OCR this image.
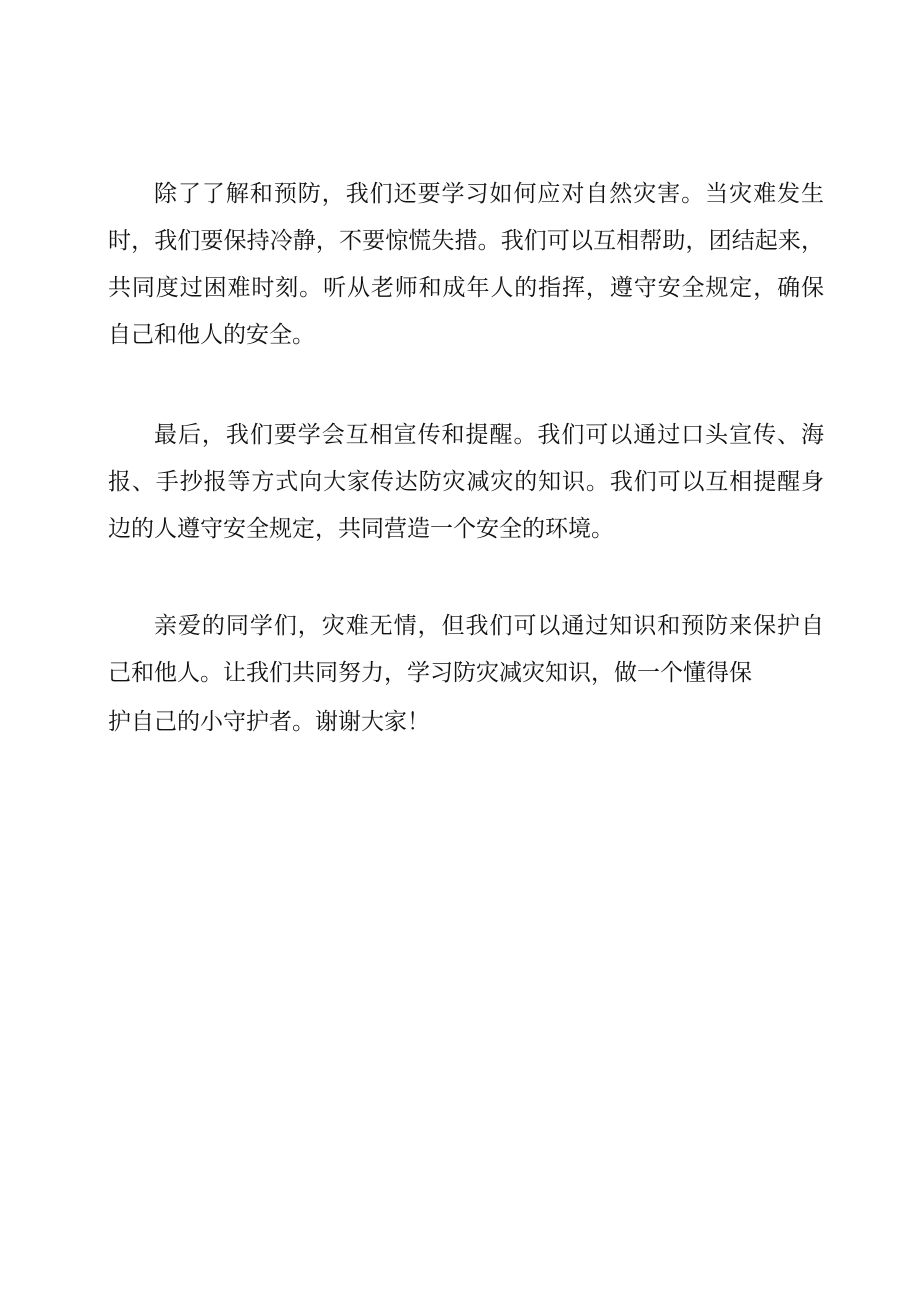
除了了解和预防，我们还要学习如何应对自然灾害。当灾难发生
时，我们要保持冷静，不要惊慌失措。我们可以互相帮助，团结起来，
共同度过困难时刻。听从老师和成年人的指挥，遵守安全规定，确保
自己和他人的安全。
最后，我们要学会互相宣传和提醒。我们可以通过口头宣传、海
报、手抄报等方式向大家传达防灾减灾的知识。我们可以互相提醒身
边的人遵守安全规定，共同营造一个安全的环境。
亲爱的同学们，灾难无情，但我们可以通过知识和预防来保护自
己和他人。让我们共同努力，学习防灾减灾知识，做一个懂得保
护自己的小守护者。谢谢大家！
